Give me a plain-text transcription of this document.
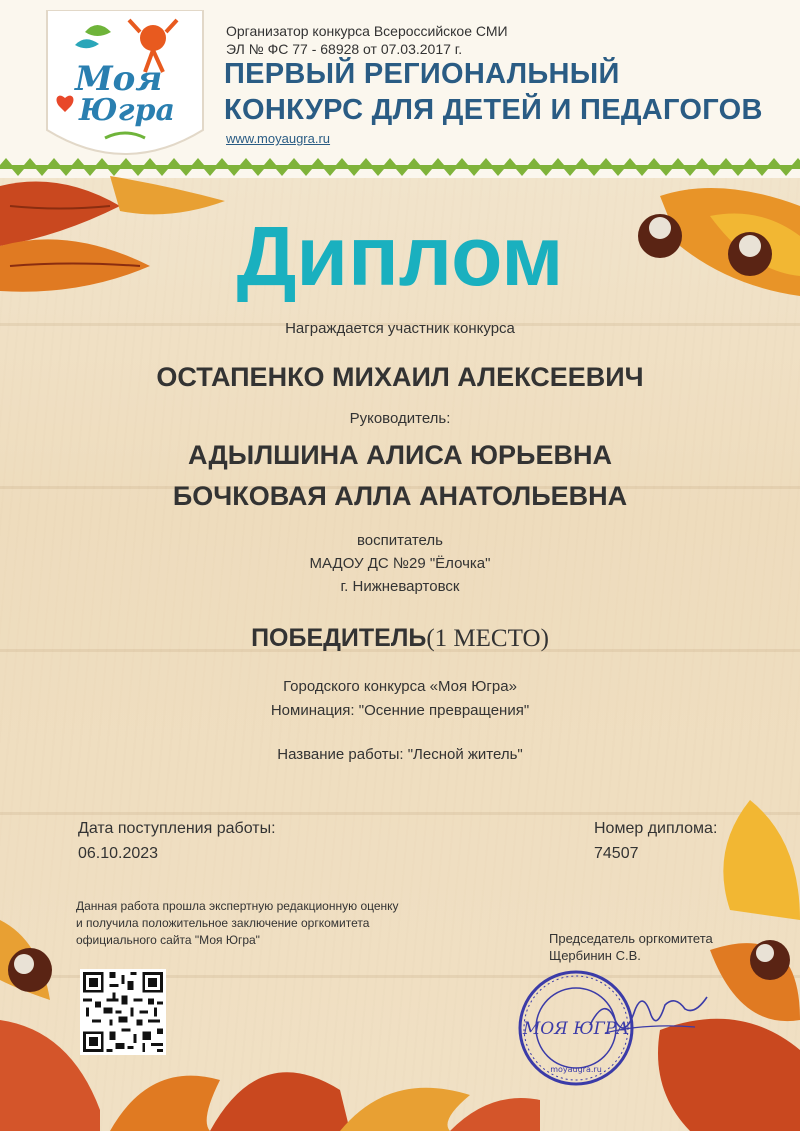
Моя
Югра
Организатор конкурса Всероссийское СМИ
ЭЛ № ФС 77 - 68928 от 07.03.2017 г.
ПЕРВЫЙ РЕГИОНАЛЬНЫЙ
КОНКУРС ДЛЯ ДЕТЕЙ И ПЕДАГОГОВ
www.moyaugra.ru
Диплом
Награждается участник конкурса
ОСТАПЕНКО МИХАИЛ АЛЕКСЕЕВИЧ
Руководитель:
АДЫЛШИНА АЛИСА ЮРЬЕВНА
БОЧКОВАЯ АЛЛА АНАТОЛЬЕВНА
воспитатель
МАДОУ ДС №29 "Ёлочка"
г. Нижневартовск
ПОБЕДИТЕЛЬ(1 МЕСТО)
Городского конкурса «Моя Югра»
Номинация: "Осенние превращения"
Название работы: "Лесной житель"
Дата поступления работы:
06.10.2023
Номер диплома:
74507
Данная работа прошла экспертную редакционную оценку
и получила положительное заключение оргкомитета
официального сайта "Моя Югра"	Председатель оргкомитета
Щербинин С.В.
МОЯ ЮГРА
moyaugra.ru
